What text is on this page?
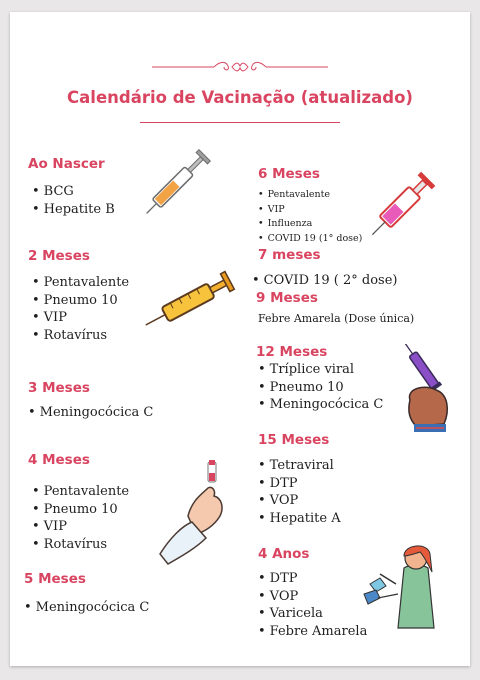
Calendário de Vacinação (atualizado)
Ao Nascer
• BCG
• Hepatite B
2 Meses
• Pentavalente
• Pneumo 10
• VIP
• Rotavírus
3 Meses
• Meningocócica C
4 Meses
• Pentavalente
• Pneumo 10
• VIP
• Rotavírus
5 Meses
• Meningocócica C
6 Meses
• Pentavalente
• VIP
• Influenza
• COVID 19 (1° dose)
7 meses
• COVID 19 ( 2° dose)
9 Meses
Febre Amarela (Dose única)
12 Meses
• Tríplice viral
• Pneumo 10
• Meningocócica C
15 Meses
• Tetraviral
• DTP
• VOP
• Hepatite A
4 Anos
• DTP
• VOP
• Varicela
• Febre Amarela
